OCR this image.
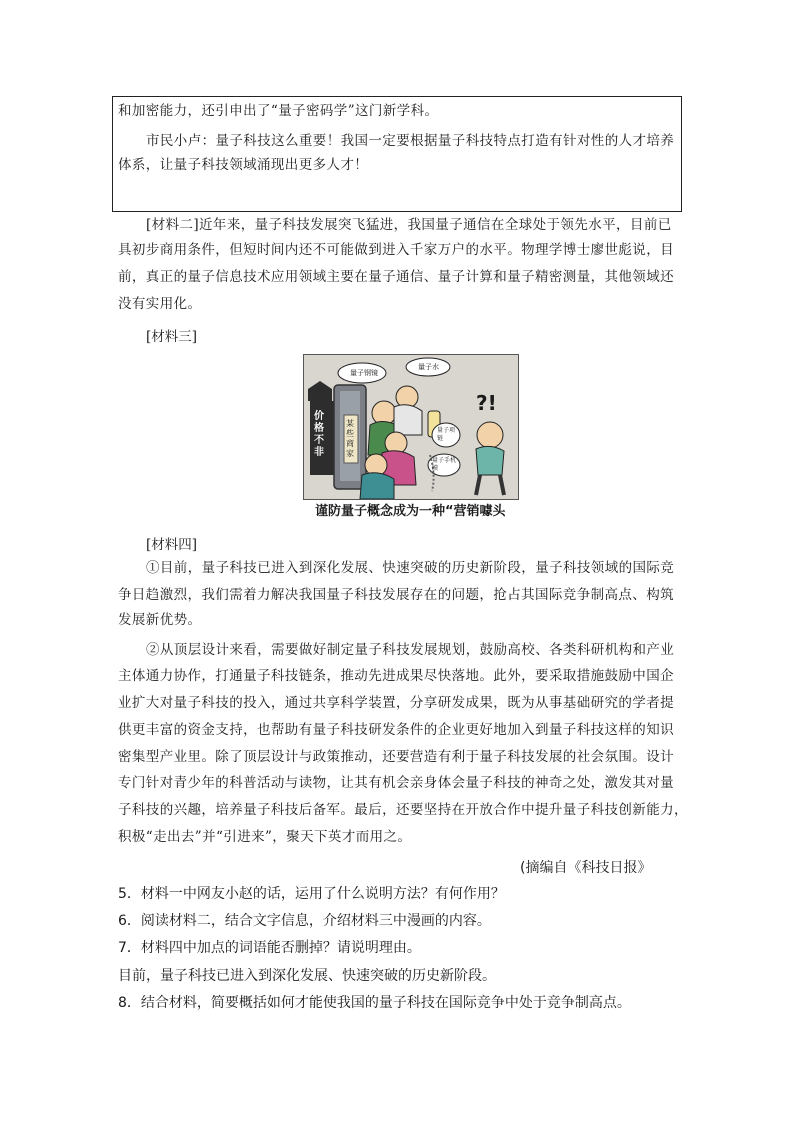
和加密能力，还引申出了“量子密码学”这门新学科。
市民小卢：量子科技这么重要！我国一定要根据量子科技特点打造有针对性的人才培养
体系，让量子科技领域涌现出更多人才！
[材料二]近年来，量子科技发展突飞猛进，我国量子通信在全球处于领先水平，目前已
具初步商用条件，但短时间内还不可能做到进入千家万户的水平。物理学博士廖世彪说，目
前，真正的量子信息技术应用领域主要在量子通信、量子计算和量子精密测量，其他领域还
没有实用化。
[材料三]
量子钢镜
量子水
价格不非
某些商家
量子项链
量子手机膜
?!
谨防量子概念成为一种“营销噱头
[材料四]
①目前，量子科技已进入到深化发展、快速突破的历史新阶段，量子科技领域的国际竞
争日趋激烈，我们需着力解决我国量子科技发展存在的问题，抢占其国际竞争制高点、构筑
发展新优势。
②从顶层设计来看，需要做好制定量子科技发展规划，鼓励高校、各类科研机构和产业
主体通力协作，打通量子科技链条，推动先进成果尽快落地。此外，要采取措施鼓励中国企
业扩大对量子科技的投入，通过共享科学装置，分享研发成果，既为从事基础研究的学者提
供更丰富的资金支持，也帮助有量子科技研发条件的企业更好地加入到量子科技这样的知识
密集型产业里。除了顶层设计与政策推动，还要营造有利于量子科技发展的社会氛围。设计
专门针对青少年的科普活动与读物，让其有机会亲身体会量子科技的神奇之处，激发其对量
子科技的兴趣，培养量子科技后备军。最后，还要坚持在开放合作中提升量子科技创新能力，
积极“走出去”并“引进来”，聚天下英才而用之。
(摘编自《科技日报》
5．材料一中网友小赵的话，运用了什么说明方法？有何作用？
6．阅读材料二，结合文字信息，介绍材料三中漫画的内容。
7．材料四中加点的词语能否删掉？请说明理由。
目前，量子科技已进入到深化发展、快速突破的历史新阶段。
8．结合材料，简要概括如何才能使我国的量子科技在国际竞争中处于竞争制高点。
